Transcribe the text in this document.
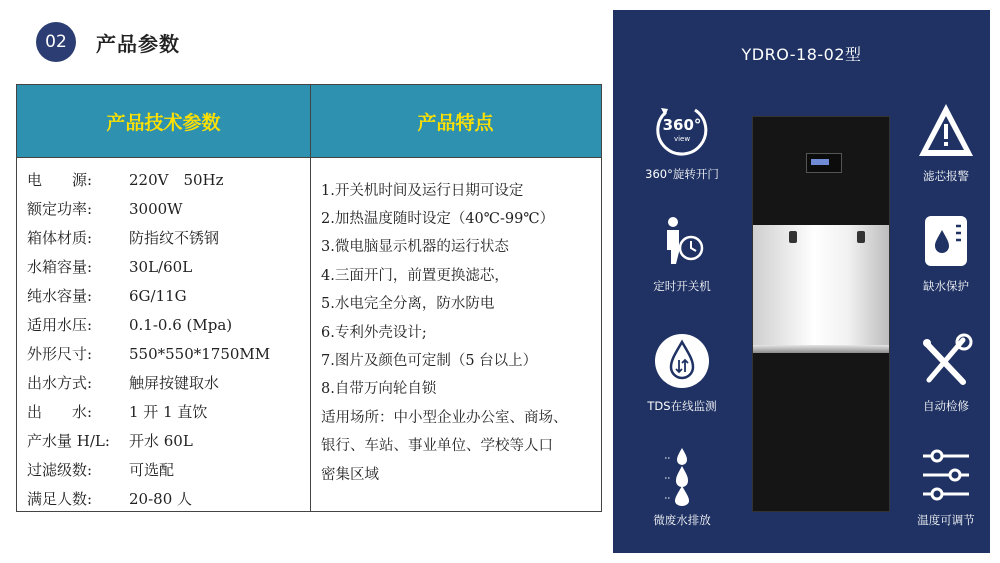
02	产品参数
产品技术参数	产品特点
电　　源:	220V　50Hz
额定功率:	3000W
箱体材质:	防指纹不锈钢
水箱容量:	30L/60L
纯水容量:	6G/11G
适用水压:	0.1-0.6 (Mpa)
外形尺寸:	550*550*1750MM
出水方式:	触屏按键取水
出　　水:	1 开 1 直饮
产水量 H/L:	开水 60L
过滤级数:	可选配
满足人数:	20-80 人
1.开关机时间及运行日期可设定
2.加热温度随时设定（40℃-99℃）
3.微电脑显示机器的运行状态
4.三面开门，前置更换滤芯，
5.水电完全分离，防水防电
6.专利外壳设计;
7.图片及颜色可定制（5 台以上）
8.自带万向轮自锁
适用场所：中小型企业办公室、商场、
银行、车站、事业单位、学校等人口
密集区域
YDRO-18-02型
360°
view
360°旋转开门
定时开关机
TDS在线监测
微废水排放
滤芯报警
缺水保护
自动检修
温度可调节
